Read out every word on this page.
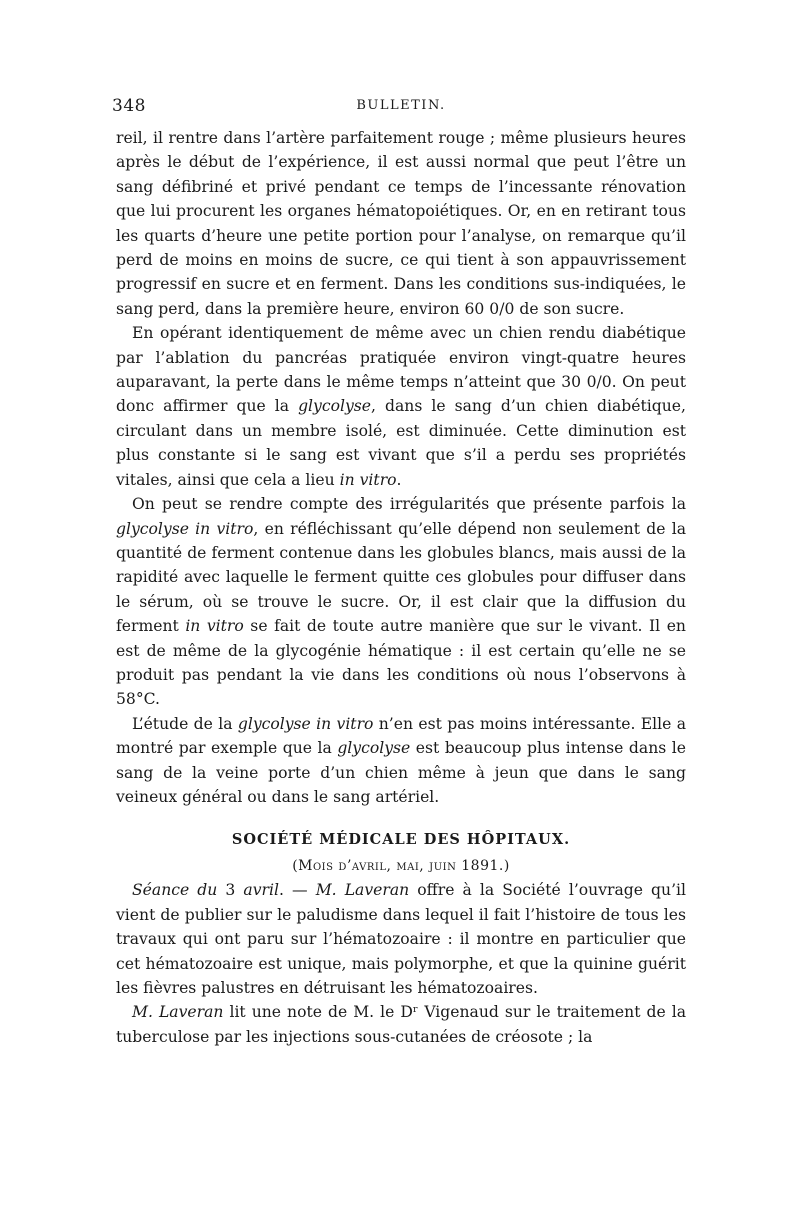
348	BULLETIN.

reil, il rentre dans l’artère parfaitement rouge ; même plusieurs heures après le début de l’expérience, il est aussi normal que peut l’être un sang défibriné et privé pendant ce temps de l’incessante rénovation que lui procurent les organes hématopoiétiques. Or, en en retirant tous les quarts d’heure une petite portion pour l’analyse, on remarque qu’il perd de moins en moins de sucre, ce qui tient à son appauvrissement progressif en sucre et en ferment. Dans les conditions sus-indiquées, le sang perd, dans la première heure, environ 60 0/0 de son sucre.

En opérant identiquement de même avec un chien rendu diabétique par l’ablation du pancréas pratiquée environ vingt-quatre heures auparavant, la perte dans le même temps n’atteint que 30 0/0. On peut donc affirmer que la glycolyse, dans le sang d’un chien diabétique, circulant dans un membre isolé, est diminuée. Cette diminution est plus constante si le sang est vivant que s’il a perdu ses propriétés vitales, ainsi que cela a lieu in vitro.

On peut se rendre compte des irrégularités que présente parfois la glycolyse in vitro, en réfléchissant qu’elle dépend non seulement de la quantité de ferment contenue dans les globules blancs, mais aussi de la rapidité avec laquelle le ferment quitte ces globules pour diffuser dans le sérum, où se trouve le sucre. Or, il est clair que la diffusion du ferment in vitro se fait de toute autre manière que sur le vivant. Il en est de même de la glycogénie hématique : il est certain qu’elle ne se produit pas pendant la vie dans les conditions où nous l’observons à 58°C.

L’étude de la glycolyse in vitro n’en est pas moins intéressante. Elle a montré par exemple que la glycolyse est beaucoup plus intense dans le sang de la veine porte d’un chien même à jeun que dans le sang veineux général ou dans le sang artériel.

SOCIÉTÉ MÉDICALE DES HÔPITAUX.
(Mois d’avril, mai, juin 1891.)

Séance du 3 avril. — M. Laveran offre à la Société l’ouvrage qu’il vient de publier sur le paludisme dans lequel il fait l’histoire de tous les travaux qui ont paru sur l’hématozoaire : il montre en particulier que cet hématozoaire est unique, mais polymorphe, et que la quinine guérit les fièvres palustres en détruisant les hématozoaires.

M. Laveran lit une note de M. le Dʳ Vigenaud sur le traitement de la tuberculose par les injections sous-cutanées de créosote ; la
